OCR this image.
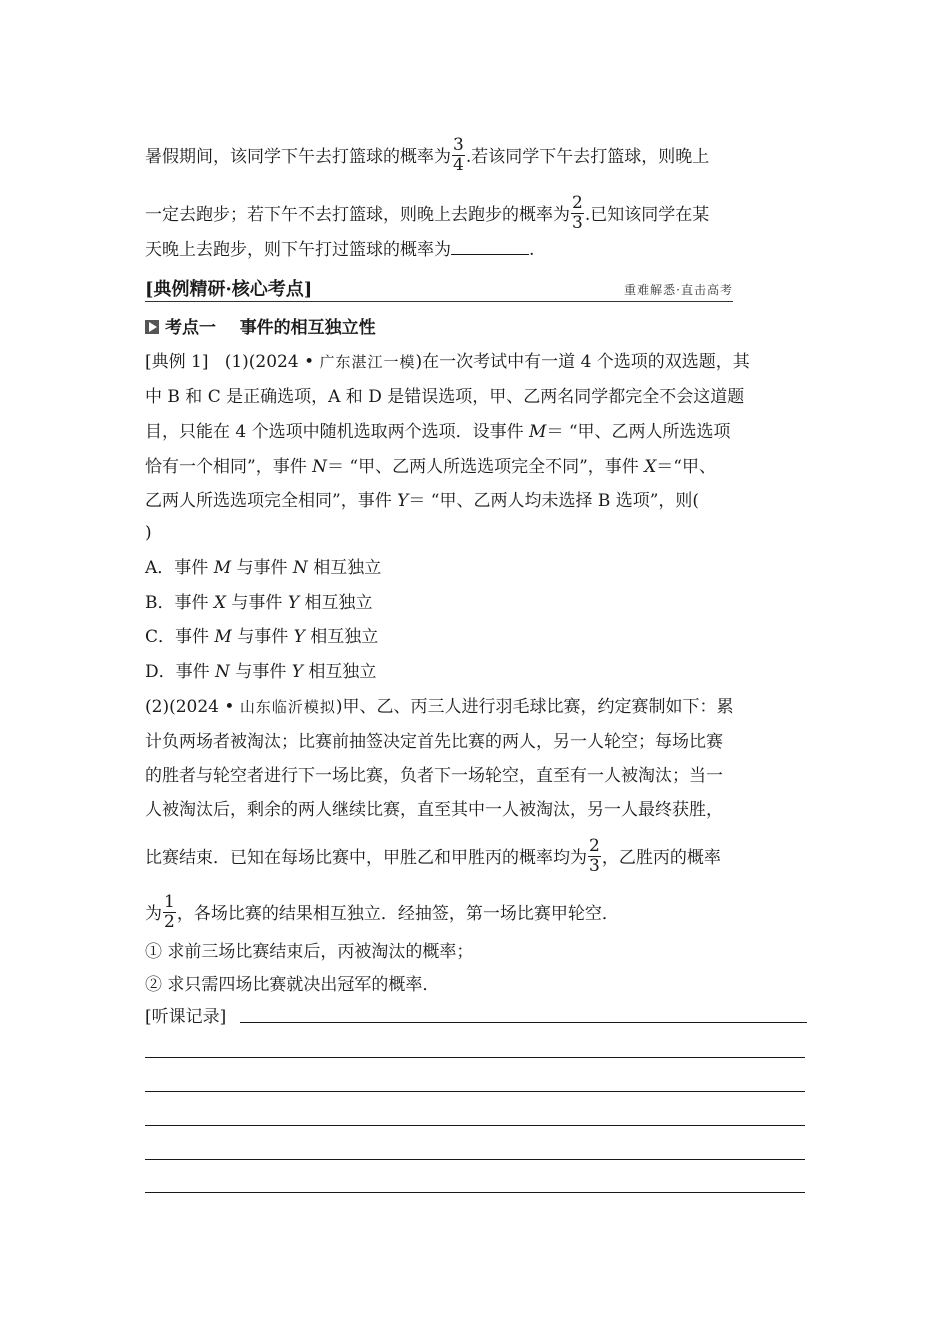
暑假期间，该同学下午去打篮球的概率为 $\frac{3}{4}$ .若该同学下午去打篮球，则晚上
一定去跑步；若下午不去打篮球，则晚上去跑步的概率为 $\frac{2}{3}$ .已知该同学在某
天晚上去跑步，则下午打过篮球的概率为	.
[典例精研·核心考点]	重难解悉·直击高考
考点一 事件的相互独立性
[典例 1] (1)(2024 • 广东湛江一模)在一次考试中有一道 4 个选项的双选题，其
中 B 和 C 是正确选项，A 和 D 是错误选项，甲、乙两名同学都完全不会这道题
目，只能在 4 个选项中随机选取两个选项．设事件 M＝ “甲、乙两人所选选项
恰有一个相同”，事件 N＝ “甲、乙两人所选选项完全不同”，事件 X＝“甲、
乙两人所选选项完全相同”，事件 Y＝ “甲、乙两人均未选择 B 选项”，则(
)
A．事件 M 与事件 N 相互独立
B．事件 X 与事件 Y 相互独立
C．事件 M 与事件 Y 相互独立
D．事件 N 与事件 Y 相互独立
(2)(2024 • 山东临沂模拟)甲、乙、丙三人进行羽毛球比赛，约定赛制如下：累
计负两场者被淘汰；比赛前抽签决定首先比赛的两人，另一人轮空；每场比赛
的胜者与轮空者进行下一场比赛，负者下一场轮空，直至有一人被淘汰；当一
人被淘汰后，剩余的两人继续比赛，直至其中一人被淘汰，另一人最终获胜，
比赛结束．已知在每场比赛中，甲胜乙和甲胜丙的概率均为 $\frac{2}{3}$ ，乙胜丙的概率
为 $\frac{1}{2}$ ，各场比赛的结果相互独立．经抽签，第一场比赛甲轮空．
① 求前三场比赛结束后，丙被淘汰的概率；
② 求只需四场比赛就决出冠军的概率．
[听课记录]
